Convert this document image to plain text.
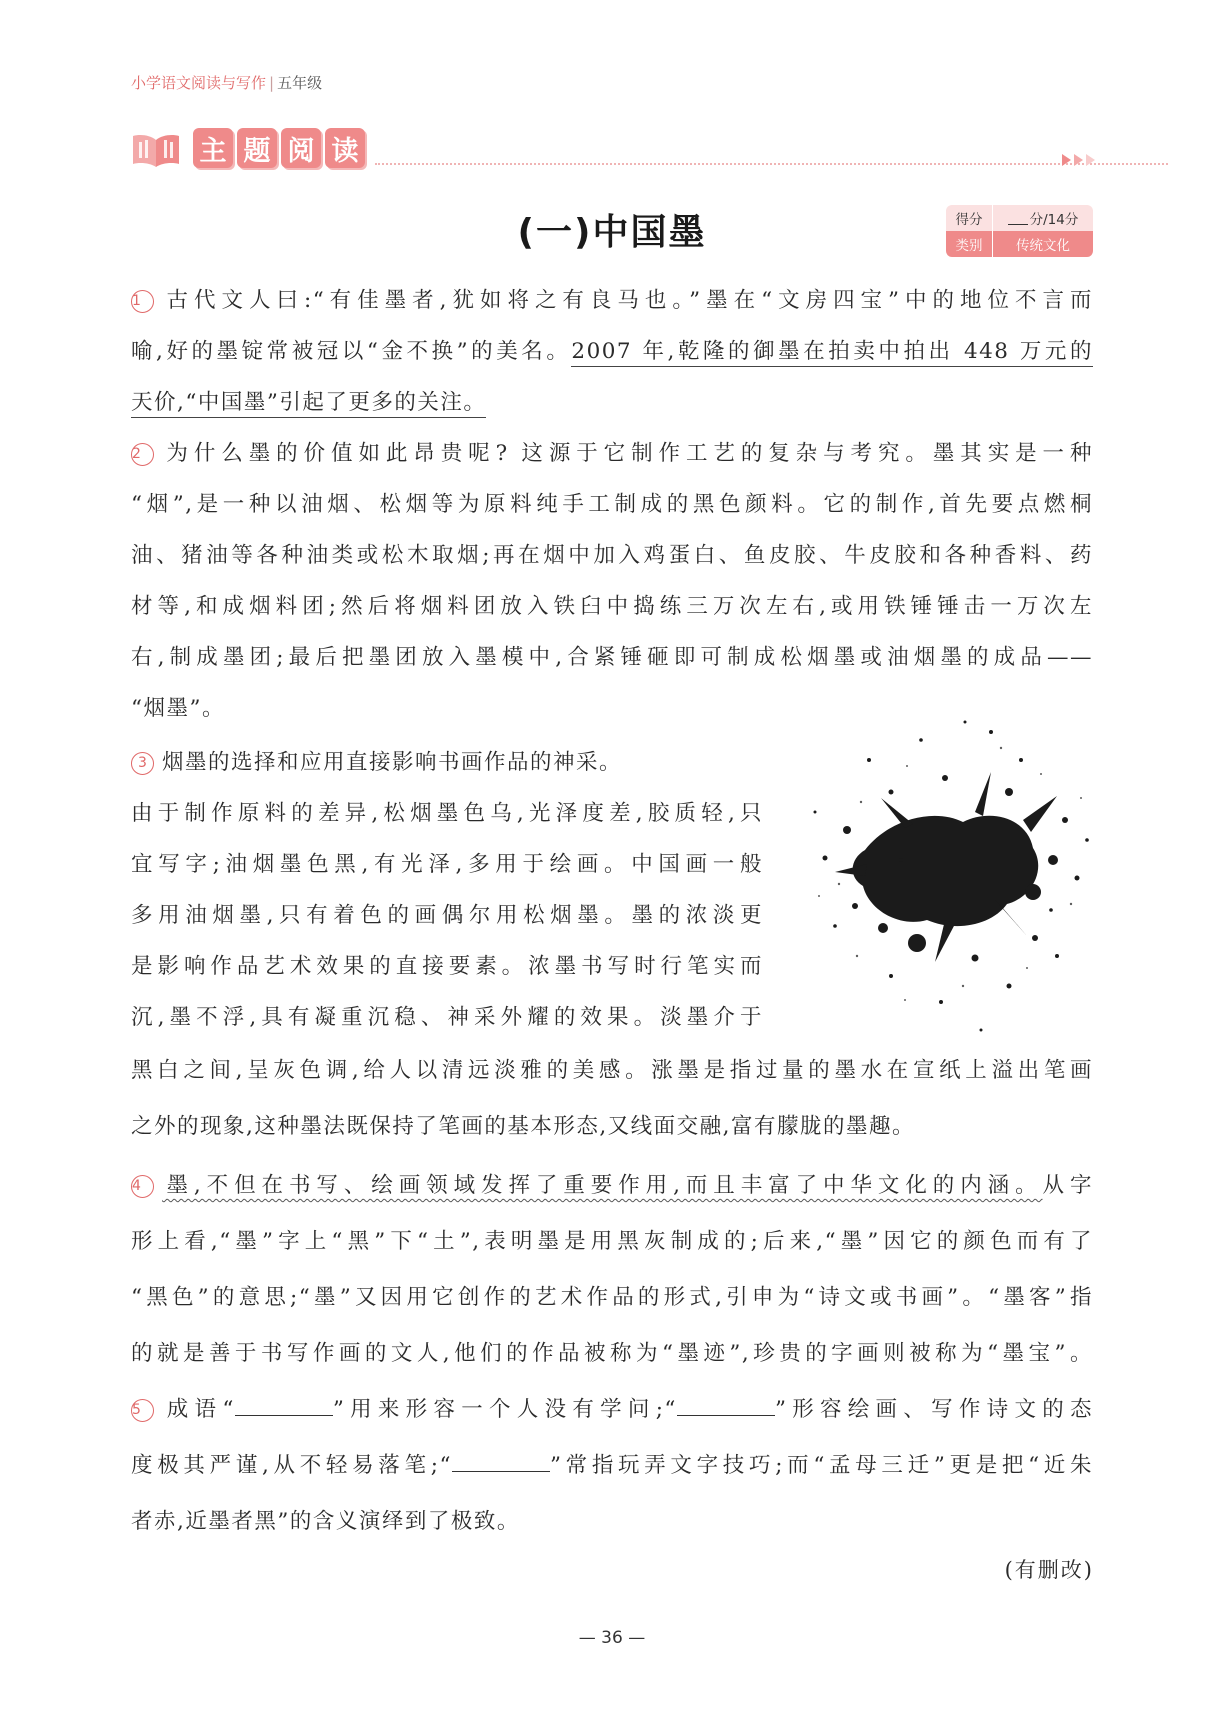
小学语文阅读与写作 | 五年级
主 题 阅 读
(一)中国墨	得分	分/14分
类别	传统文化
1 古代文人曰:“有佳墨者,犹如将之有良马也。”墨在“文房四宝”中的地位不言而
喻,好的墨锭常被冠以“金不换”的美名。2007 年,乾隆的御墨在拍卖中拍出 448 万元的
天价,“中国墨”引起了更多的关注。
2 为什么墨的价值如此昂贵呢? 这源于它制作工艺的复杂与考究。墨其实是一种
“烟”,是一种以油烟、松烟等为原料纯手工制成的黑色颜料。它的制作,首先要点燃桐
油、猪油等各种油类或松木取烟;再在烟中加入鸡蛋白、鱼皮胶、牛皮胶和各种香料、药
材等,和成烟料团;然后将烟料团放入铁臼中捣练三万次左右,或用铁锤锤击一万次左
右,制成墨团;最后把墨团放入墨模中,合紧锤砸即可制成松烟墨或油烟墨的成品——
“烟墨”。
3 烟墨的选择和应用直接影响书画作品的神采。
由于制作原料的差异,松烟墨色乌,光泽度差,胶质轻,只
宜写字;油烟墨色黑,有光泽,多用于绘画。中国画一般
多用油烟墨,只有着色的画偶尔用松烟墨。墨的浓淡更
是影响作品艺术效果的直接要素。浓墨书写时行笔实而
沉,墨不浮,具有凝重沉稳、神采外耀的效果。淡墨介于
黑白之间,呈灰色调,给人以清远淡雅的美感。涨墨是指过量的墨水在宣纸上溢出笔画
之外的现象,这种墨法既保持了笔画的基本形态,又线面交融,富有朦胧的墨趣。
4 墨,不但在书写、绘画领域发挥了重要作用,而且丰富了中华文化的内涵。从字
形上看,“墨”字上“黑”下“土”,表明墨是用黑灰制成的;后来,“墨”因它的颜色而有了
“黑色”的意思;“墨”又因用它创作的艺术作品的形式,引申为“诗文或书画”。“墨客”指
的就是善于书写作画的文人,他们的作品被称为“墨迹”,珍贵的字画则被称为“墨宝”。
5 成语“	”用来形容一个人没有学问;“	”形容绘画、写作诗文的态
度极其严谨,从不轻易落笔;“	”常指玩弄文字技巧;而“孟母三迁”更是把“近朱
者赤,近墨者黑”的含义演绎到了极致。
(有删改)
— 36 —
